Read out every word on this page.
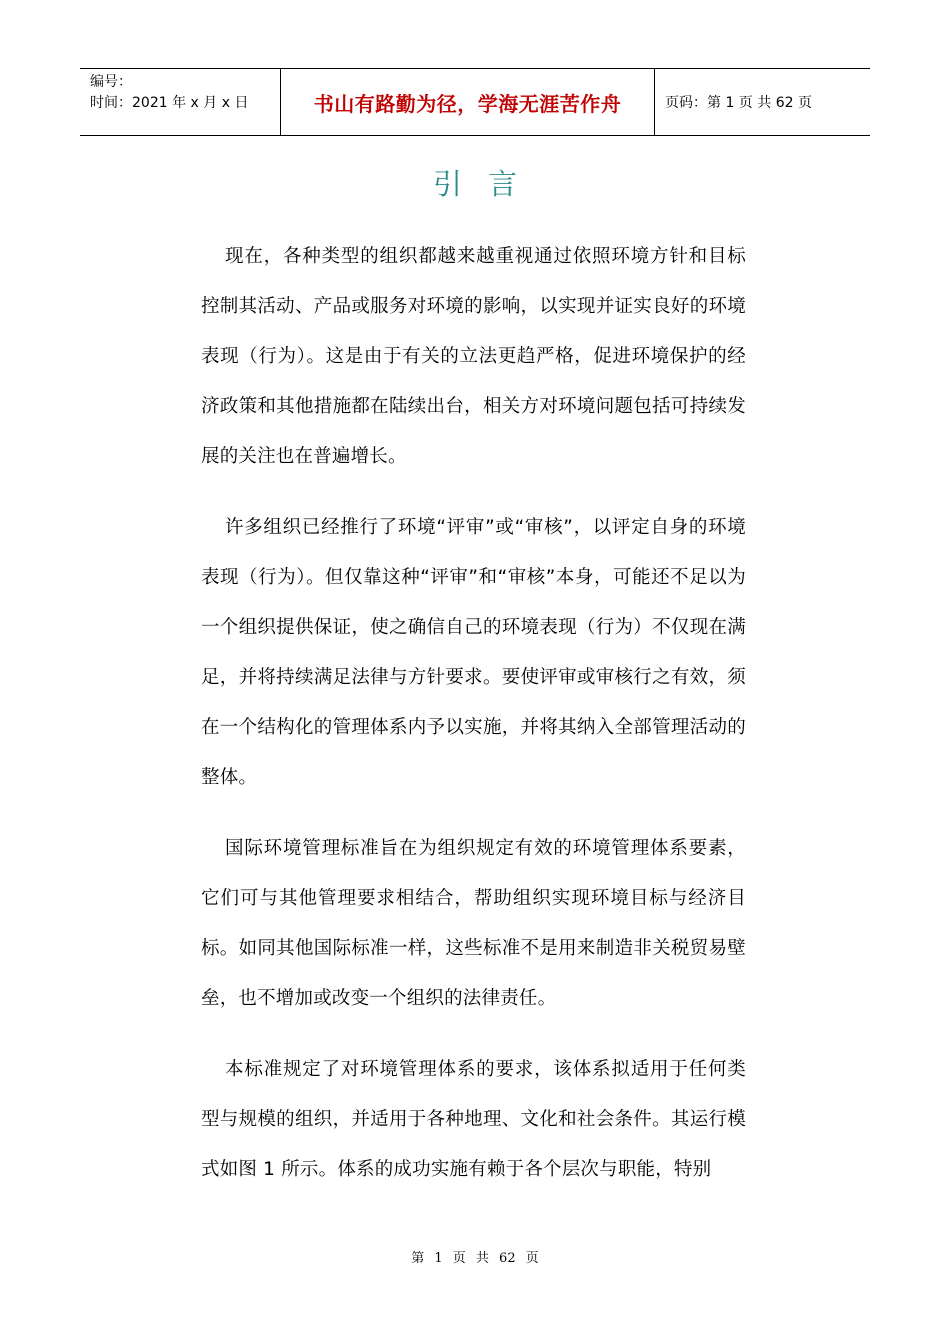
编号：
时间：2021 年 x 月 x 日	书山有路勤为径，学海无涯苦作舟	页码：第 1 页 共 62 页
引言

现在，各种类型的组织都越来越重视通过依照环境方针和目标控制其活动、产品或服务对环境的影响，以实现并证实良好的环境表现（行为）。这是由于有关的立法更趋严格，促进环境保护的经济政策和其他措施都在陆续出台，相关方对环境问题包括可持续发展的关注也在普遍增长。

许多组织已经推行了环境“评审”或“审核”，以评定自身的环境表现（行为）。但仅靠这种“评审”和“审核”本身，可能还不足以为一个组织提供保证，使之确信自己的环境表现（行为）不仅现在满足，并将持续满足法律与方针要求。要使评审或审核行之有效，须在一个结构化的管理体系内予以实施，并将其纳入全部管理活动的整体。

国际环境管理标准旨在为组织规定有效的环境管理体系要素，它们可与其他管理要求相结合，帮助组织实现环境目标与经济目标。如同其他国际标准一样，这些标准不是用来制造非关税贸易壁垒，也不增加或改变一个组织的法律责任。

本标准规定了对环境管理体系的要求，该体系拟适用于任何类型与规模的组织，并适用于各种地理、文化和社会条件。其运行模式如图 1 所示。体系的成功实施有赖于各个层次与职能，特别

第 1 页 共 62 页
